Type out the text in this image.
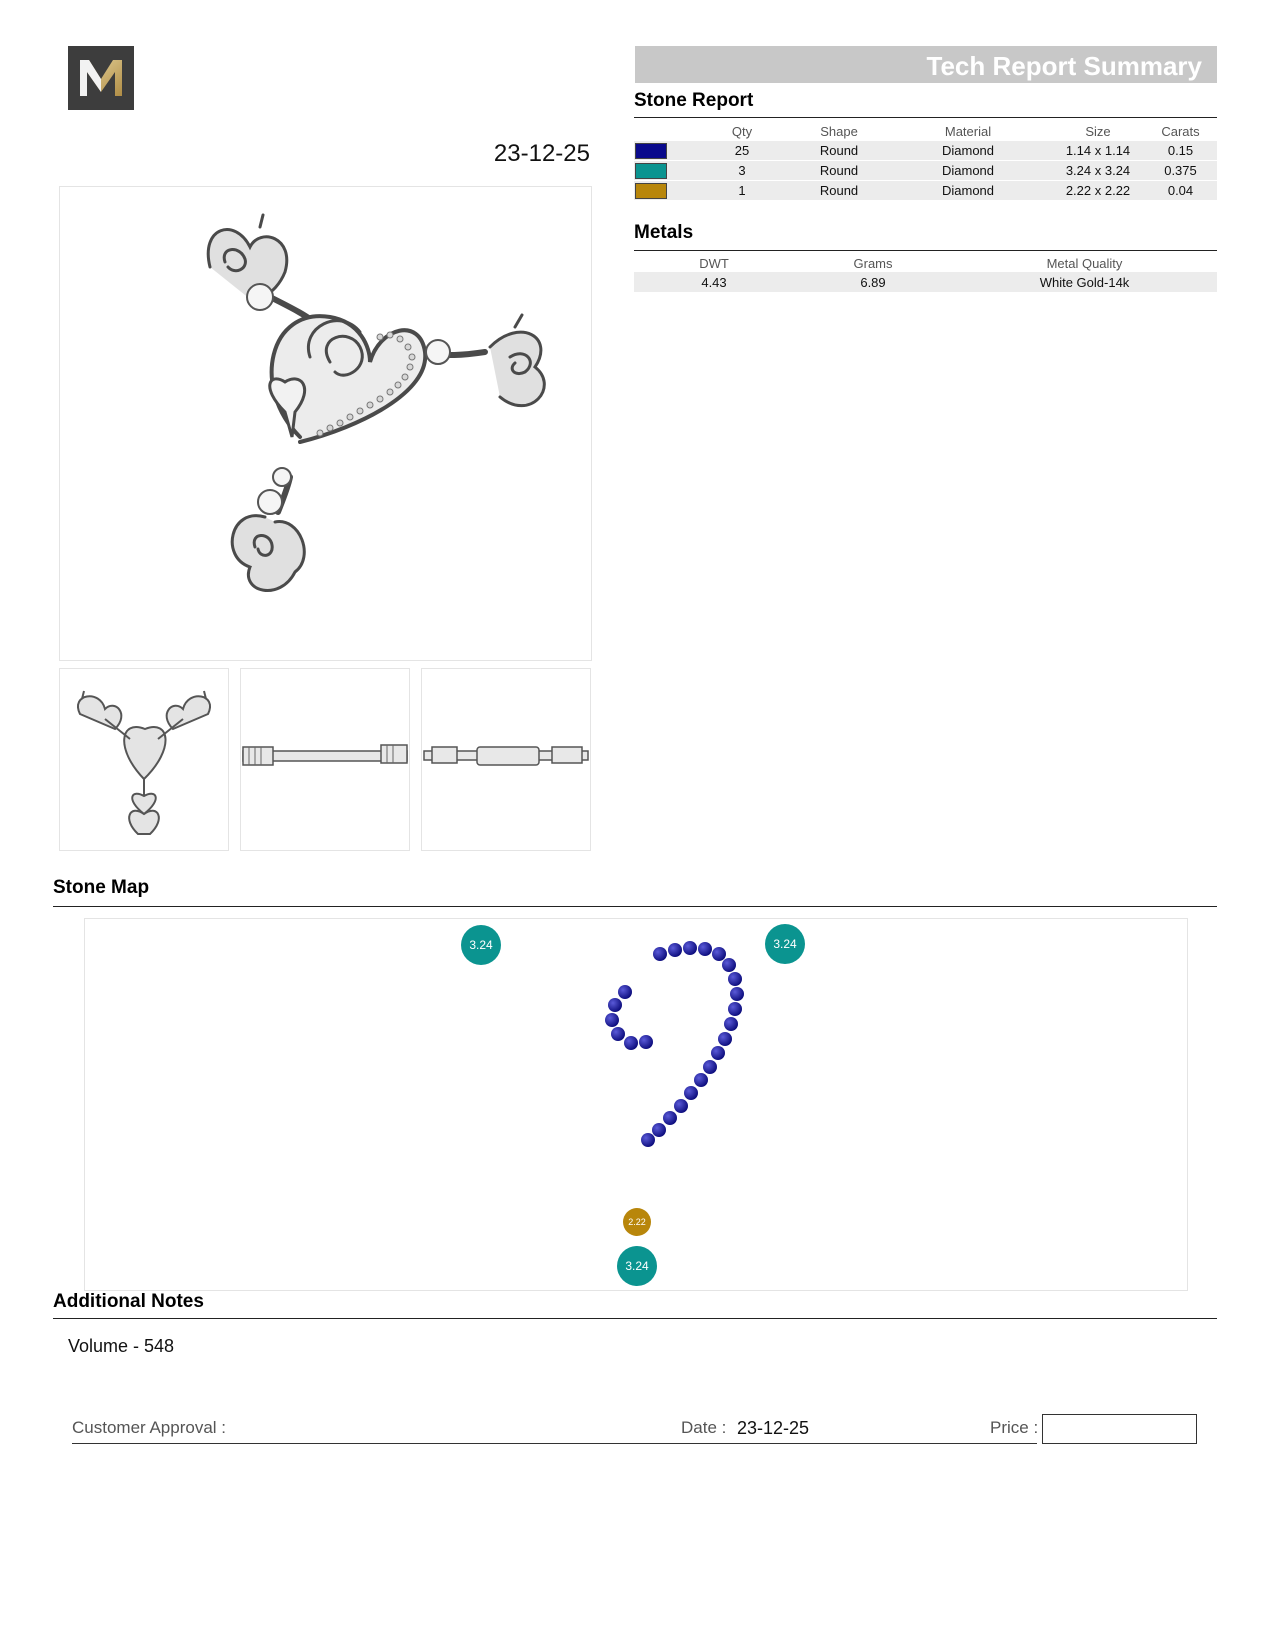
23-12-25
Tech Report Summary
Stone Report
	Qty	Shape	Material	Size	Carats

	25	Round	Diamond	1.14 x 1.14	0.15

	3	Round	Diamond	3.24 x 3.24	0.375

	1	Round	Diamond	2.22 x 2.22	0.04
Metals
DWT	Grams	Metal Quality
4.43	6.89	White Gold-14k
Stone Map
3.24	3.24
3.24
2.22
Additional Notes
Volume - 548
Customer Approval :	Date : 23-12-25	Price :
